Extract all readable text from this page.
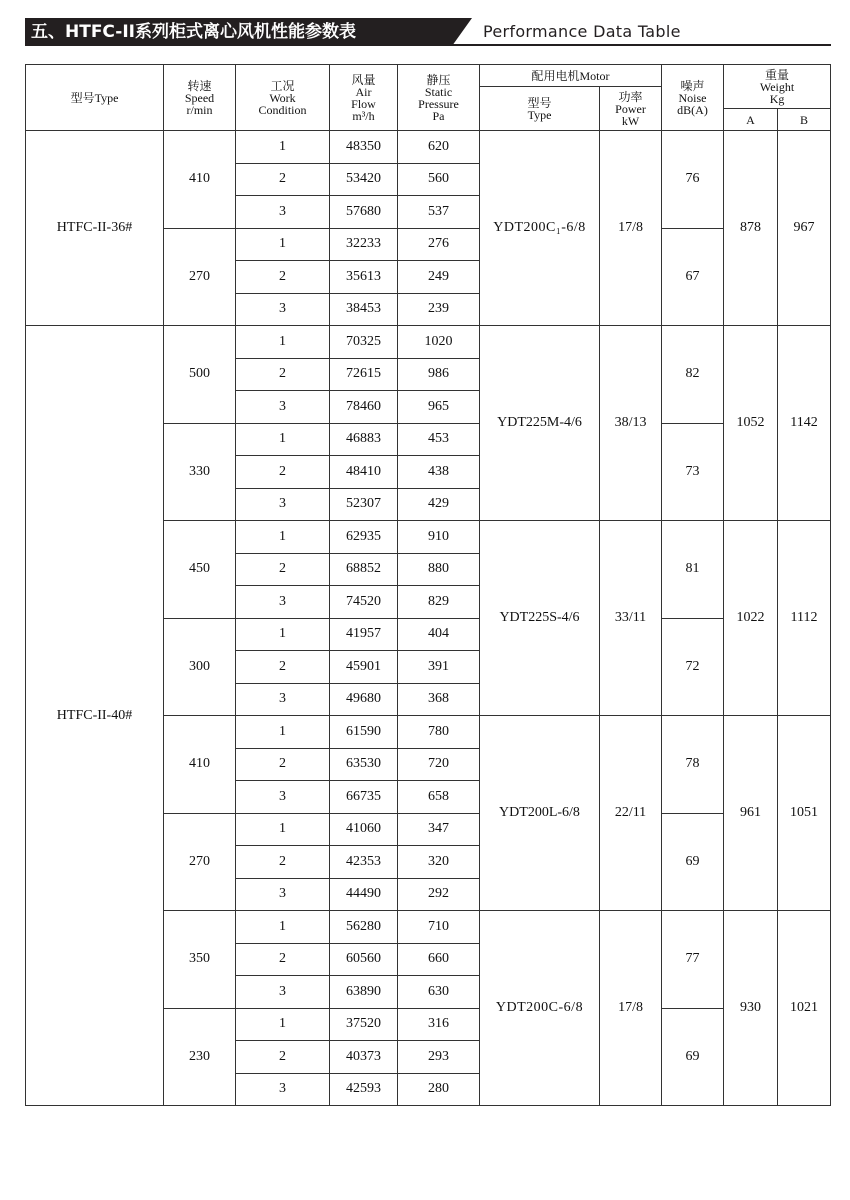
五、HTFC-II系列柜式离心风机性能参数表	Performance Data Table
型号Type	转速
Speed
r/min	工况
Work
Condition	风量
Air
Flow
m³/h	静压
Static
Pressure
Pa	配用电机Motor		噪声
Noise
dB(A)	重量
Weight
Kg	

					型号
Type	功率
Power
kW			

								A	B
HTFC-II-36#	410	1	48350	620	YDT200C₁-6/8	17/8	76	878	967
		2	53420	560					
		3	57680	537					
	270	1	32233	276			67		
		2	35613	249					
		3	38453	239					
HTFC-II-40#	500	1	70325	1020	YDT225M-4/6	38/13	82	1052	1142
		2	72615	986					
		3	78460	965					
	330	1	46883	453			73		
		2	48410	438					
		3	52307	429					
	450	1	62935	910	YDT225S-4/6	33/11	81	1022	1112
		2	68852	880					
		3	74520	829					
	300	1	41957	404			72		
		2	45901	391					
		3	49680	368					
	410	1	61590	780	YDT200L-6/8	22/11	78	961	1051
		2	63530	720					
		3	66735	658					
	270	1	41060	347			69		
		2	42353	320					
		3	44490	292					
	350	1	56280	710	YDT200C-6/8	17/8	77	930	1021
		2	60560	660					
		3	63890	630					
	230	1	37520	316			69		
		2	40373	293					
		3	42593	280					
